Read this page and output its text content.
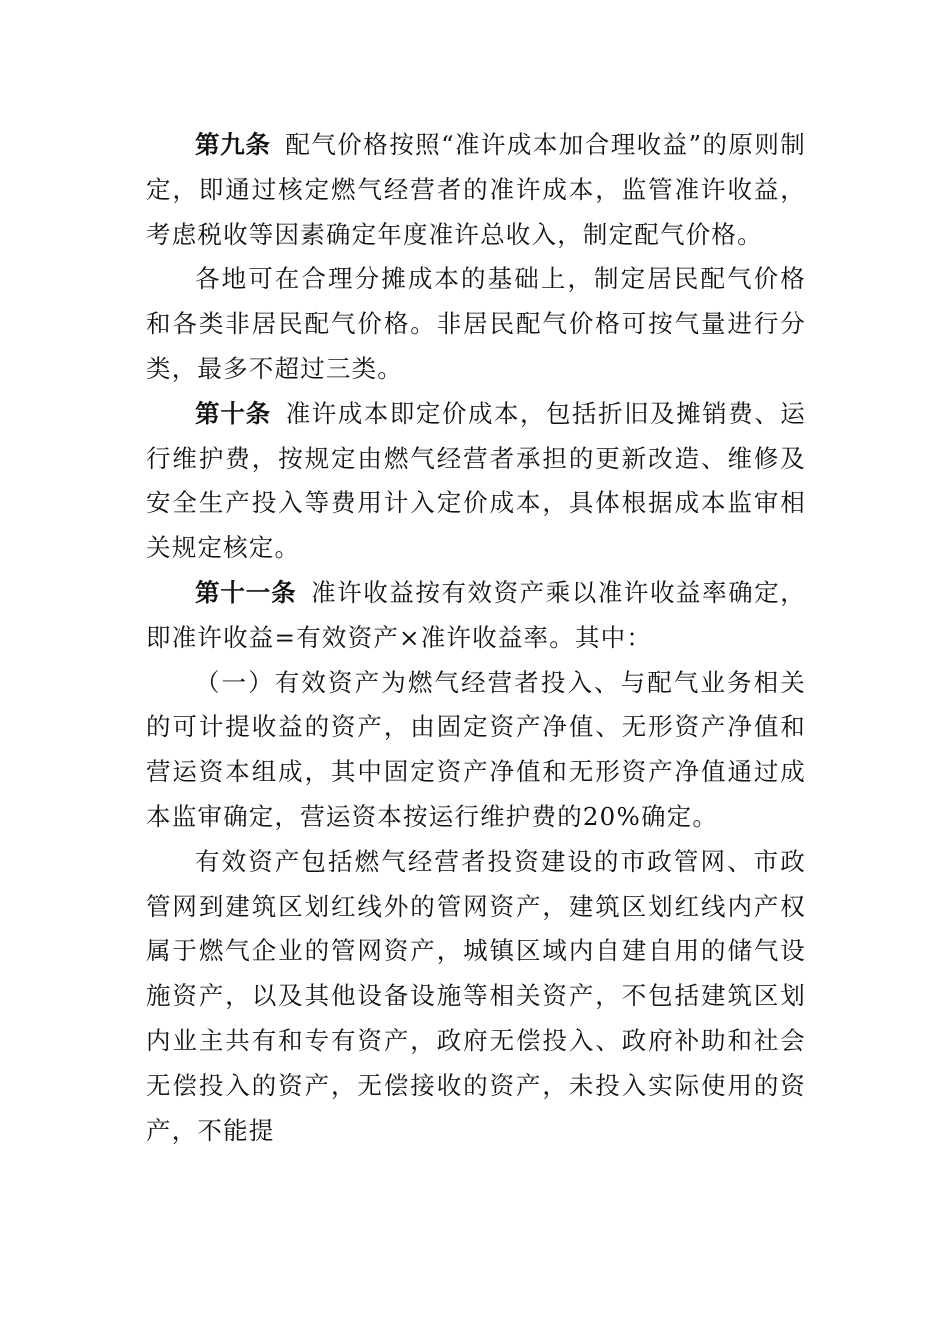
第九条 配气价格按照“准许成本加合理收益”的原则制定，即通过核定燃气经营者的准许成本，监管准许收益，考虑税收等因素确定年度准许总收入，制定配气价格。

各地可在合理分摊成本的基础上，制定居民配气价格和各类非居民配气价格。非居民配气价格可按气量进行分类，最多不超过三类。

第十条 准许成本即定价成本，包括折旧及摊销费、运行维护费，按规定由燃气经营者承担的更新改造、维修及安全生产投入等费用计入定价成本，具体根据成本监审相关规定核定。

第十一条 准许收益按有效资产乘以准许收益率确定，即准许收益=有效资产×准许收益率。其中：

（一）有效资产为燃气经营者投入、与配气业务相关的可计提收益的资产，由固定资产净值、无形资产净值和营运资本组成，其中固定资产净值和无形资产净值通过成本监审确定，营运资本按运行维护费的20%确定。

有效资产包括燃气经营者投资建设的市政管网、市政管网到建筑区划红线外的管网资产，建筑区划红线内产权属于燃气企业的管网资产，城镇区域内自建自用的储气设施资产，以及其他设备设施等相关资产，不包括建筑区划内业主共有和专有资产，政府无偿投入、政府补助和社会无偿投入的资产，无偿接收的资产，未投入实际使用的资产，不能提
